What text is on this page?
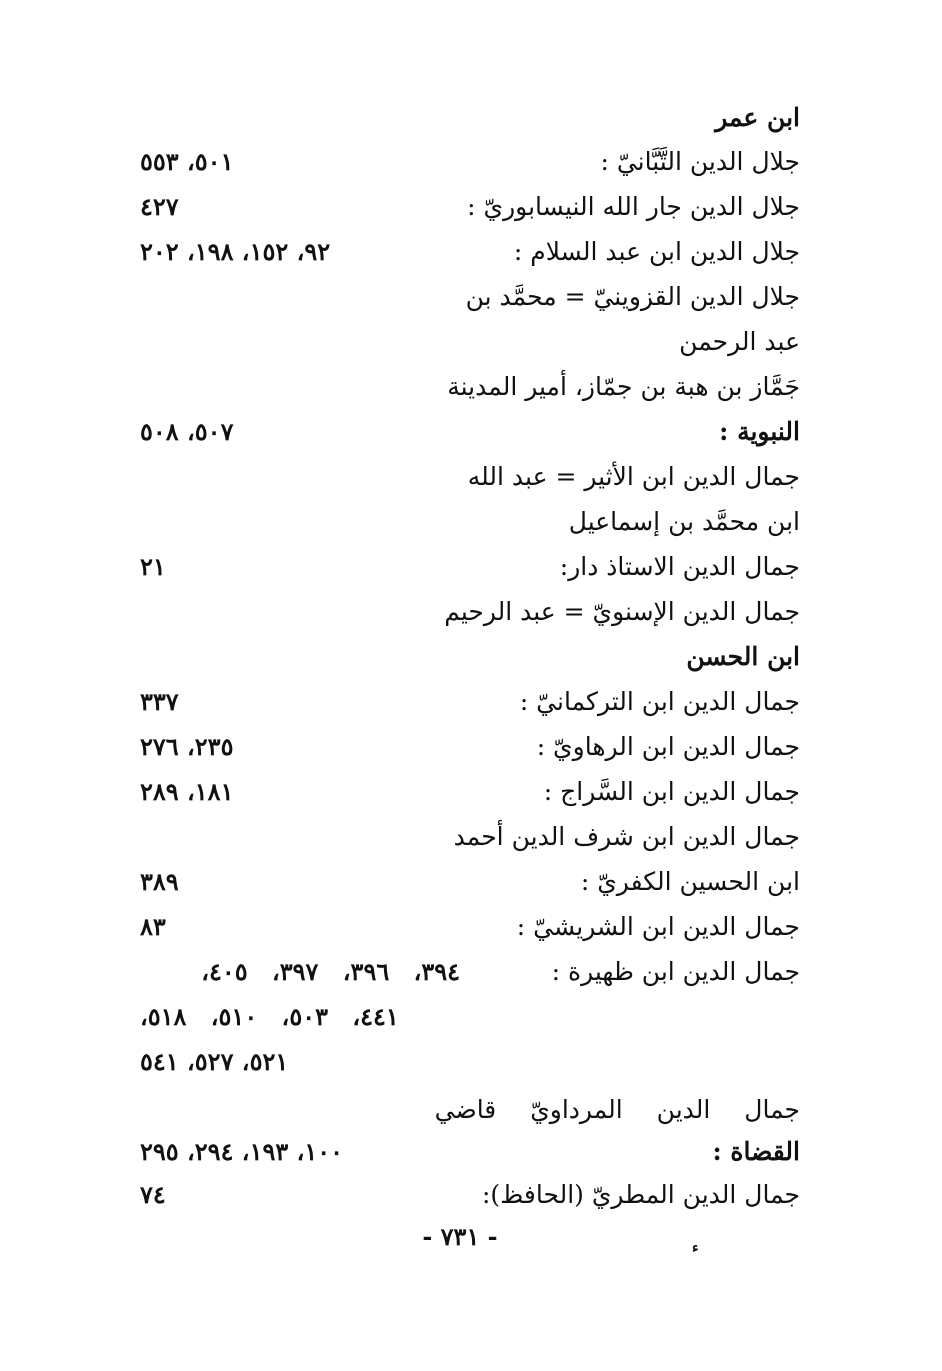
ابن عمر
جلال الدين التَّبَّانيّ :
٥٠١، ٥٥٣
جلال الدين جار الله النيسابوريّ :
٤٢٧
جلال الدين ابن عبد السلام :
٩٢، ١٥٢، ١٩٨، ٢٠٢
جلال الدين القزوينيّ = محمَّد بن
عبد الرحمن
جَمَّاز بن هبة بن جمّاز، أمير المدينة
النبوية :
٥٠٧، ٥٠٨
جمال الدين ابن الأثير = عبد الله
ابن محمَّد بن إسماعيل
جمال الدين الاستاذ دار:
٢١
جمال الدين الإسنويّ = عبد الرحيم
ابن الحسن
جمال الدين ابن التركمانيّ :
٣٣٧
جمال الدين ابن الرهاويّ :
٢٣٥، ٢٧٦
جمال الدين ابن السَّراج :
١٨١، ٢٨٩
جمال الدين ابن شرف الدين أحمد
ابن الحسين الكفريّ :
٣٨٩
جمال الدين ابن الشريشيّ :
٨٣
جمال الدين ابن ظهيرة :
٣٩٤، ٣٩٦، ٣٩٧، ٤٠٥،
٤٤١، ٥٠٣، ٥١٠، ٥١٨،
٥٢١، ٥٢٧، ٥٤١
جمال الدين المرداويّ قاضي
القضاة :
١٠٠، ١٩٣، ٢٩٤، ٢٩٥
جمال الدين المطريّ (الحافظ):
٧٤
- ٧٣١ -	ء
